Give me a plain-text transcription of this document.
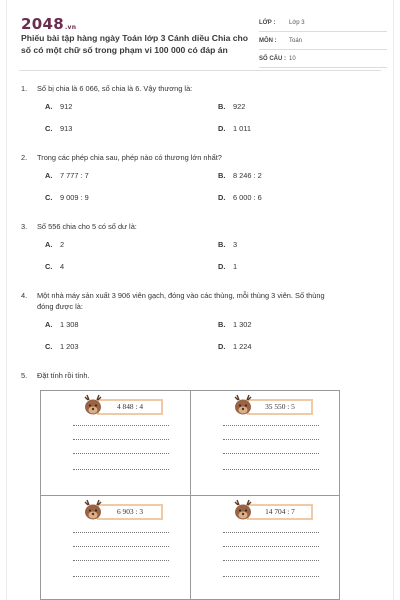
2048.vn
Phiếu bài tập hàng ngày Toán lớp 3 Cánh diều Chia cho số có một chữ số trong phạm vi 100 000 có đáp án
LỚP :	Lớp 3
MÔN :	Toán
SỐ CÂU : 10
1.	Số bị chia là 6 066, số chia là 6. Vậy thương là:
A.	912	B.	922
C.	913	D.	1 011
2.	Trong các phép chia sau, phép nào có thương lớn nhất?
A.	7 777 : 7	B.	8 246 : 2
C.	9 009 : 9	D.	6 000 : 6
3.	Số 556 chia cho 5 có số dư là:
A.	2	B.	3
C.	4	D.	1
4.	Một nhà máy sản xuất 3 906 viên gạch, đóng vào các thùng, mỗi thùng 3 viên. Số thùng đóng được là:
A.	1 308	B.	1 302
C.	1 203	D.	1 224
5.	Đặt tính rồi tính.
4 848 : 4	35 550 : 5
6 903 : 3	14 704 : 7
